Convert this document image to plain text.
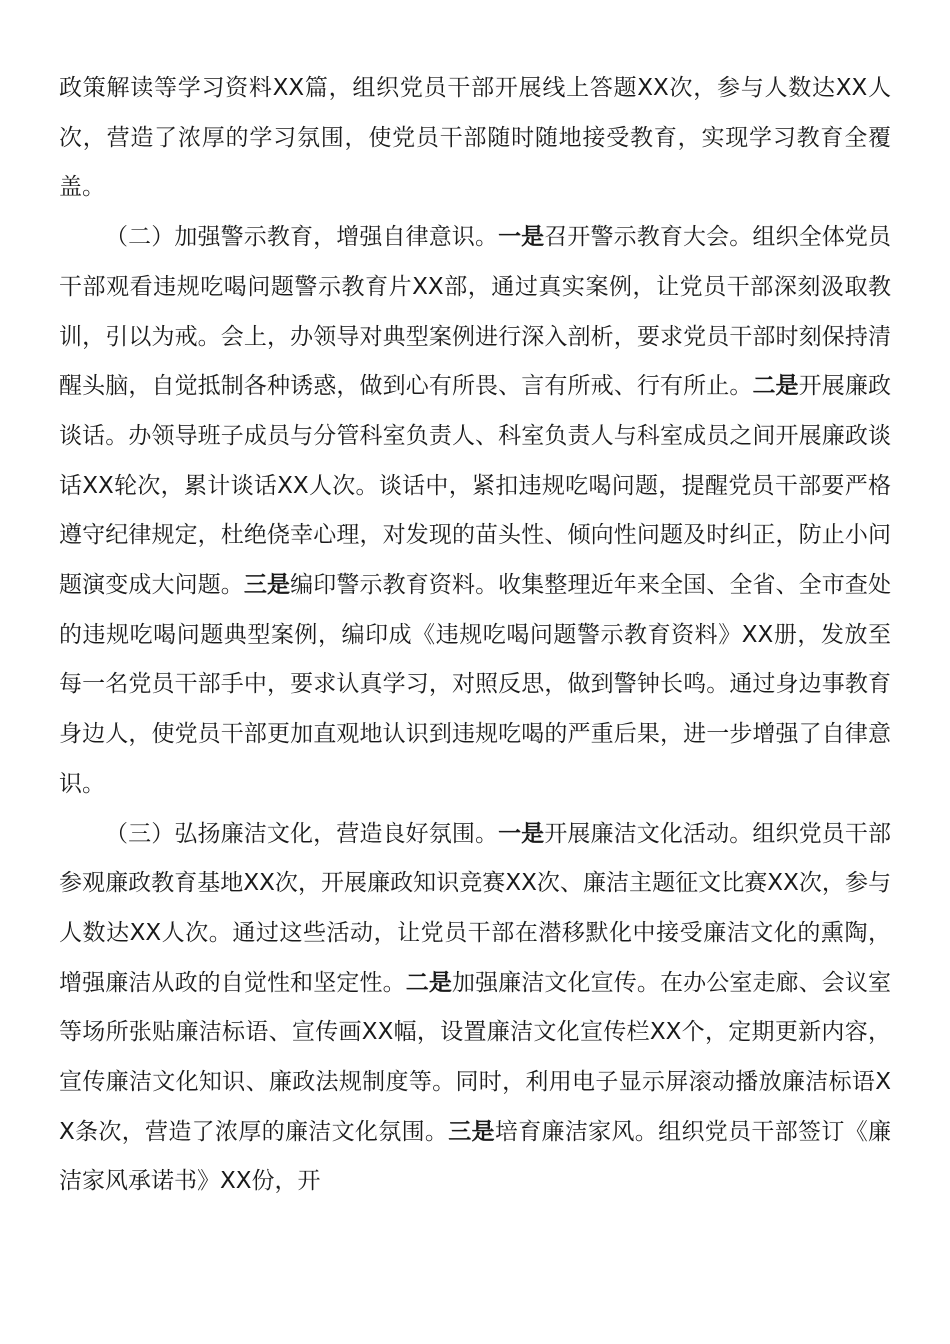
政策解读等学习资料XX篇，组织党员干部开展线上答题XX次，参与人数达XX人次，营造了浓厚的学习氛围，使党员干部随时随地接受教育，实现学习教育全覆盖。

（二）加强警示教育，增强自律意识。一是召开警示教育大会。组织全体党员干部观看违规吃喝问题警示教育片XX部，通过真实案例，让党员干部深刻汲取教训，引以为戒。会上，办领导对典型案例进行深入剖析，要求党员干部时刻保持清醒头脑，自觉抵制各种诱惑，做到心有所畏、言有所戒、行有所止。二是开展廉政谈话。办领导班子成员与分管科室负责人、科室负责人与科室成员之间开展廉政谈话XX轮次，累计谈话XX人次。谈话中，紧扣违规吃喝问题，提醒党员干部要严格遵守纪律规定，杜绝侥幸心理，对发现的苗头性、倾向性问题及时纠正，防止小问题演变成大问题。三是编印警示教育资料。收集整理近年来全国、全省、全市查处的违规吃喝问题典型案例，编印成《违规吃喝问题警示教育资料》XX册，发放至每一名党员干部手中，要求认真学习，对照反思，做到警钟长鸣。通过身边事教育身边人，使党员干部更加直观地认识到违规吃喝的严重后果，进一步增强了自律意识。

（三）弘扬廉洁文化，营造良好氛围。一是开展廉洁文化活动。组织党员干部参观廉政教育基地XX次，开展廉政知识竞赛XX次、廉洁主题征文比赛XX次，参与人数达XX人次。通过这些活动，让党员干部在潜移默化中接受廉洁文化的熏陶，增强廉洁从政的自觉性和坚定性。二是加强廉洁文化宣传。在办公室走廊、会议室等场所张贴廉洁标语、宣传画XX幅，设置廉洁文化宣传栏XX个，定期更新内容，宣传廉洁文化知识、廉政法规制度等。同时，利用电子显示屏滚动播放廉洁标语XX条次，营造了浓厚的廉洁文化氛围。三是培育廉洁家风。组织党员干部签订《廉洁家风承诺书》XX份，开
